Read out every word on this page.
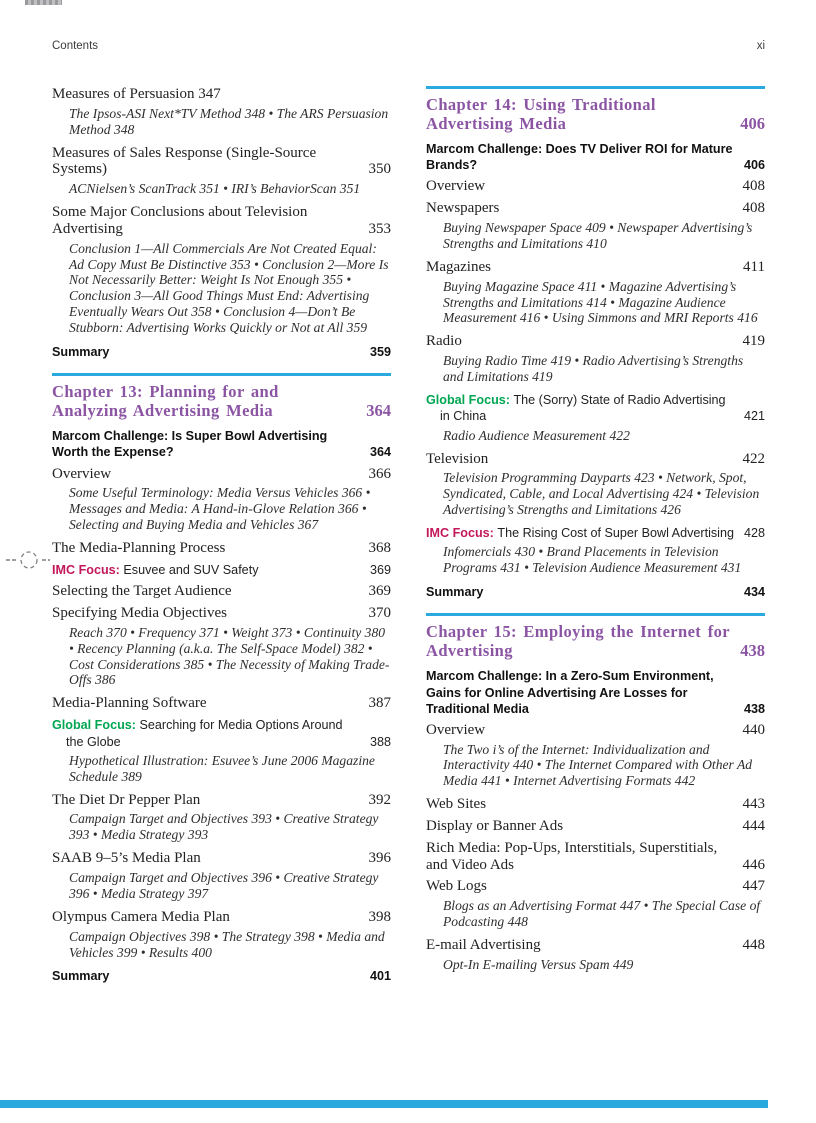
Contents	xi
Measures of Persuasion 347
The Ipsos-ASI Next*TV Method 348 • The ARS Persuasion Method 348
Measures of Sales Response (Single-Source Systems)	350
ACNielsen’s ScanTrack 351 • IRI’s BehaviorScan 351
Some Major Conclusions about Television Advertising	353
Conclusion 1—All Commercials Are Not Created Equal: Ad Copy Must Be Distinctive 353 • Conclusion 2—More Is Not Necessarily Better: Weight Is Not Enough 355 • Conclusion 3—All Good Things Must End: Advertising Eventually Wears Out 358 • Conclusion 4—Don’t Be Stubborn: Advertising Works Quickly or Not at All 359
Summary	359
Chapter 13: Planning for and Analyzing Advertising Media	364
Marcom Challenge: Is Super Bowl Advertising Worth the Expense?	364
Overview	366
Some Useful Terminology: Media Versus Vehicles 366 • Messages and Media: A Hand-in-Glove Relation 366 • Selecting and Buying Media and Vehicles 367
The Media-Planning Process	368
IMC Focus: Esuvee and SUV Safety	369
Selecting the Target Audience	369
Specifying Media Objectives	370
Reach 370 • Frequency 371 • Weight 373 • Continuity 380 • Recency Planning (a.k.a. The Self-Space Model) 382 • Cost Considerations 385 • The Necessity of Making Trade-Offs 386
Media-Planning Software	387
Global Focus: Searching for Media Options Around the Globe	388
Hypothetical Illustration: Esuvee’s June 2006 Magazine Schedule 389
The Diet Dr Pepper Plan	392
Campaign Target and Objectives 393 • Creative Strategy 393 • Media Strategy 393
SAAB 9–5’s Media Plan	396
Campaign Target and Objectives 396 • Creative Strategy 396 • Media Strategy 397
Olympus Camera Media Plan	398
Campaign Objectives 398 • The Strategy 398 • Media and Vehicles 399 • Results 400
Summary	401
Chapter 14: Using Traditional Advertising Media	406
Marcom Challenge: Does TV Deliver ROI for Mature Brands?	406
Overview	408
Newspapers	408
Buying Newspaper Space 409 • Newspaper Advertising’s Strengths and Limitations 410
Magazines	411
Buying Magazine Space 411 • Magazine Advertising’s Strengths and Limitations 414 • Magazine Audience Measurement 416 • Using Simmons and MRI Reports 416
Radio	419
Buying Radio Time 419 • Radio Advertising’s Strengths and Limitations 419
Global Focus: The (Sorry) State of Radio Advertising in China	421
Radio Audience Measurement 422
Television	422
Television Programming Dayparts 423 • Network, Spot, Syndicated, Cable, and Local Advertising 424 • Television Advertising’s Strengths and Limitations 426
IMC Focus: The Rising Cost of Super Bowl Advertising 428
Infomercials 430 • Brand Placements in Television Programs 431 • Television Audience Measurement 431
Summary	434
Chapter 15: Employing the Internet for Advertising	438
Marcom Challenge: In a Zero-Sum Environment, Gains for Online Advertising Are Losses for Traditional Media	438
Overview	440
The Two i’s of the Internet: Individualization and Interactivity 440 • The Internet Compared with Other Ad Media 441 • Internet Advertising Formats 442
Web Sites	443
Display or Banner Ads	444
Rich Media: Pop-Ups, Interstitials, Superstitials, and Video Ads	446
Web Logs	447
Blogs as an Advertising Format 447 • The Special Case of Podcasting 448
E-mail Advertising	448
Opt-In E-mailing Versus Spam 449
